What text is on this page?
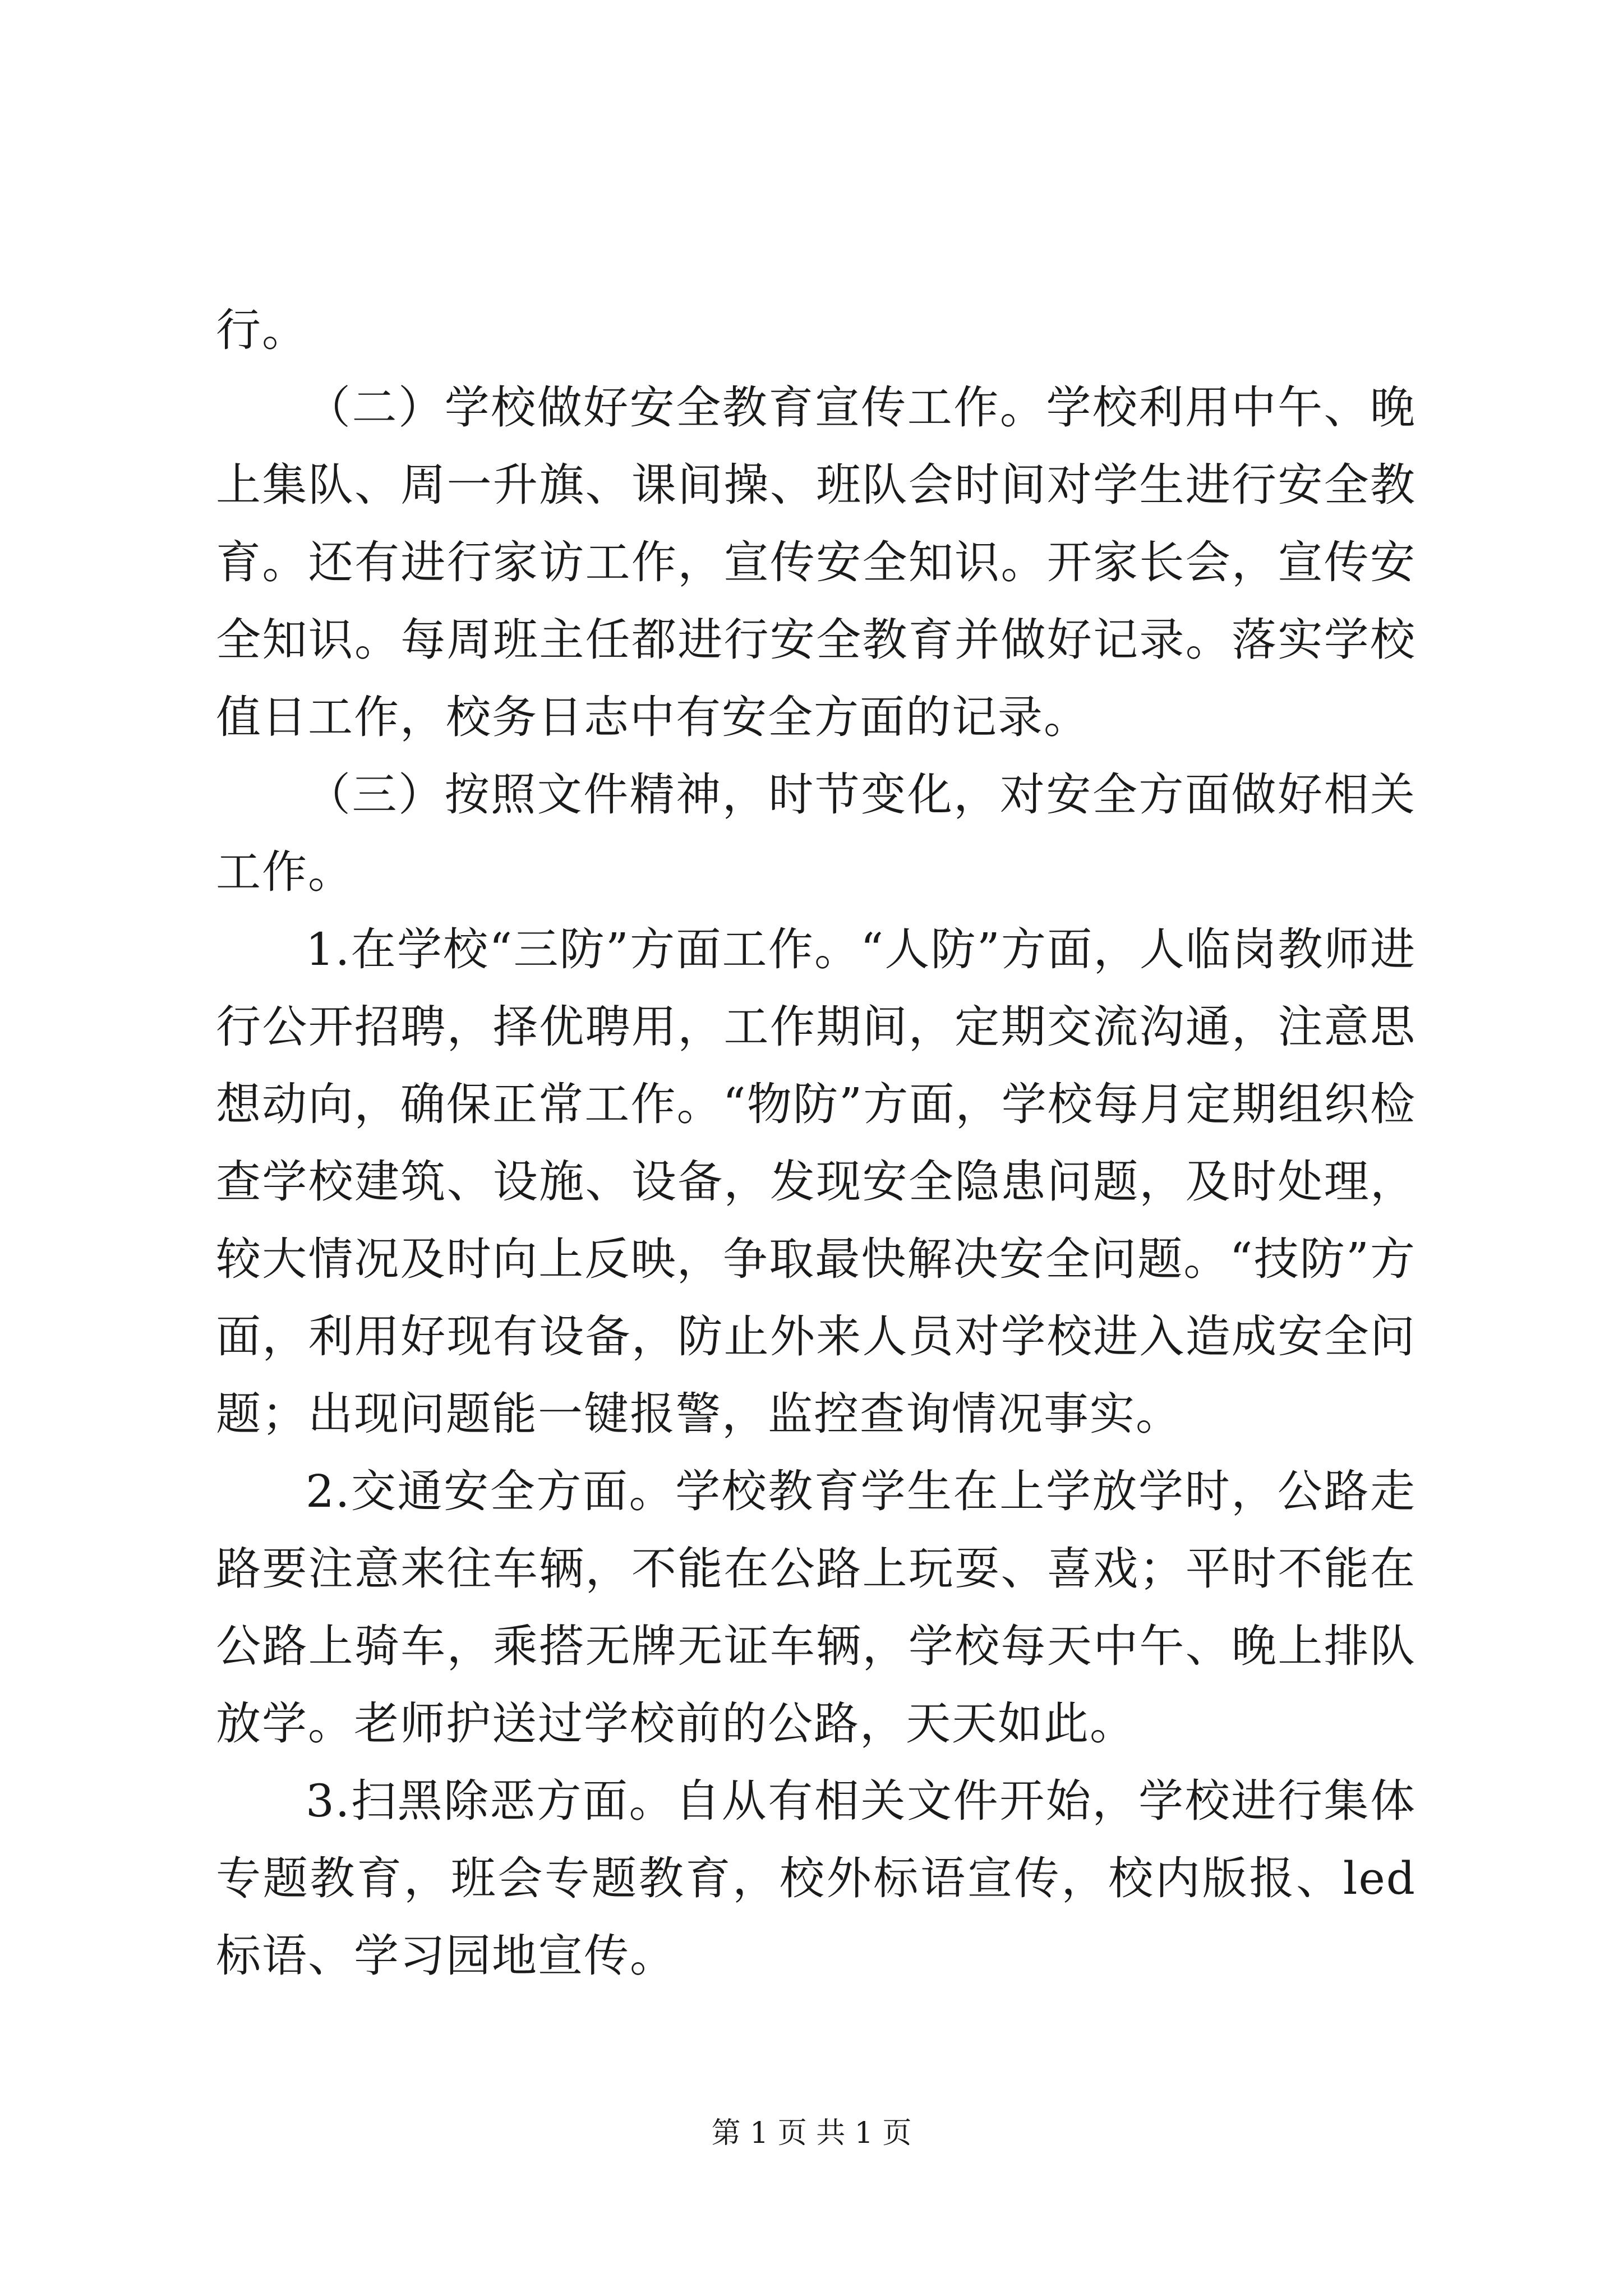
行。

（二）学校做好安全教育宣传工作。学校利用中午、晚上集队、周一升旗、课间操、班队会时间对学生进行安全教育。还有进行家访工作，宣传安全知识。开家长会，宣传安全知识。每周班主任都进行安全教育并做好记录。落实学校值日工作，校务日志中有安全方面的记录。

（三）按照文件精神，时节变化，对安全方面做好相关工作。

1.在学校“三防”方面工作。“人防”方面，人临岗教师进行公开招聘，择优聘用，工作期间，定期交流沟通，注意思想动向，确保正常工作。“物防”方面，学校每月定期组织检查学校建筑、设施、设备，发现安全隐患问题，及时处理，较大情况及时向上反映，争取最快解决安全问题。“技防”方面，利用好现有设备，防止外来人员对学校进入造成安全问题；出现问题能一键报警，监控查询情况事实。

2.交通安全方面。学校教育学生在上学放学时，公路走路要注意来往车辆，不能在公路上玩耍、喜戏；平时不能在公路上骑车，乘搭无牌无证车辆，学校每天中午、晚上排队放学。老师护送过学校前的公路，天天如此。

3.扫黑除恶方面。自从有相关文件开始，学校进行集体专题教育，班会专题教育，校外标语宣传，校内版报、led 标语、学习园地宣传。

第 1 页 共 1 页
